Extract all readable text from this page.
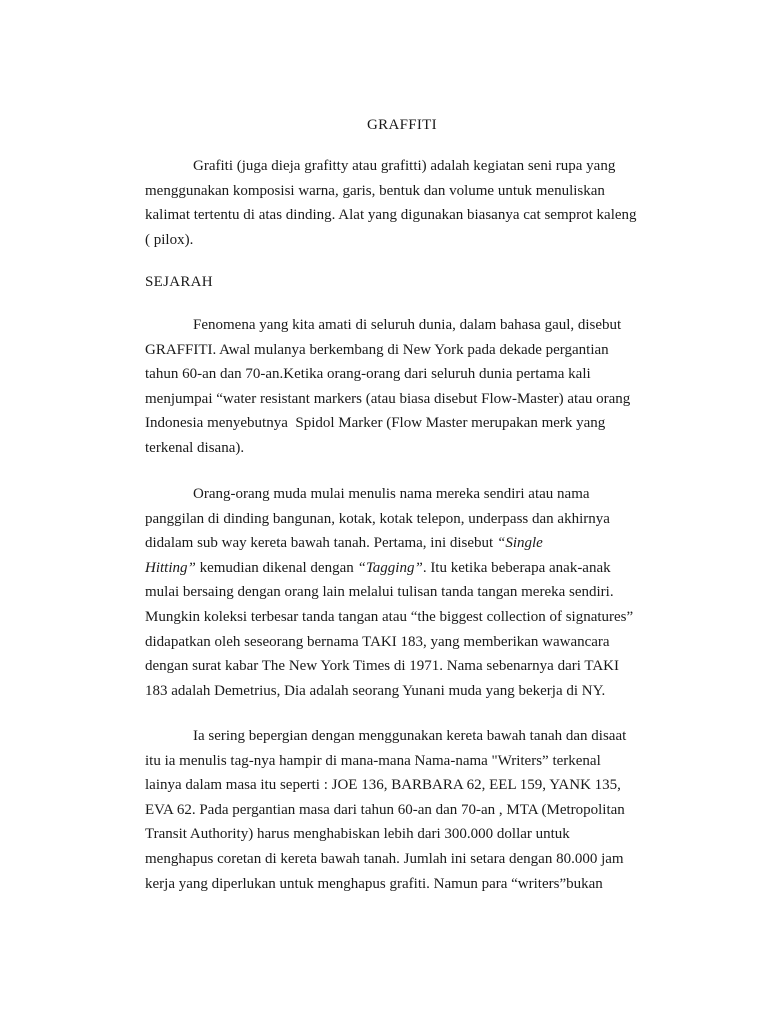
GRAFFITI

Grafiti (juga dieja grafitty atau grafitti) adalah kegiatan seni rupa yang
menggunakan komposisi warna, garis, bentuk dan volume untuk menuliskan
kalimat tertentu di atas dinding. Alat yang digunakan biasanya cat semprot kaleng
( pilox).

SEJARAH

Fenomena yang kita amati di seluruh dunia, dalam bahasa gaul, disebut
GRAFFITI. Awal mulanya berkembang di New York pada dekade pergantian
tahun 60-an dan 70-an.Ketika orang-orang dari seluruh dunia pertama kali
menjumpai “water resistant markers (atau biasa disebut Flow-Master) atau orang
Indonesia menyebutnya  Spidol Marker (Flow Master merupakan merk yang
terkenal disana).

Orang-orang muda mulai menulis nama mereka sendiri atau nama
panggilan di dinding bangunan, kotak, kotak telepon, underpass dan akhirnya
didalam sub way kereta bawah tanah. Pertama, ini disebut “Single
Hitting” kemudian dikenal dengan “Tagging”. Itu ketika beberapa anak-anak
mulai bersaing dengan orang lain melalui tulisan tanda tangan mereka sendiri.
Mungkin koleksi terbesar tanda tangan atau “the biggest collection of signatures”
didapatkan oleh seseorang bernama TAKI 183, yang memberikan wawancara
dengan surat kabar The New York Times di 1971. Nama sebenarnya dari TAKI
183 adalah Demetrius, Dia adalah seorang Yunani muda yang bekerja di NY.

Ia sering bepergian dengan menggunakan kereta bawah tanah dan disaat
itu ia menulis tag-nya hampir di mana-mana Nama-nama "Writers” terkenal
lainya dalam masa itu seperti : JOE 136, BARBARA 62, EEL 159, YANK 135,
EVA 62. Pada pergantian masa dari tahun 60-an dan 70-an , MTA (Metropolitan
Transit Authority) harus menghabiskan lebih dari 300.000 dollar untuk
menghapus coretan di kereta bawah tanah. Jumlah ini setara dengan 80.000 jam
kerja yang diperlukan untuk menghapus grafiti. Namun para “writers”bukan
